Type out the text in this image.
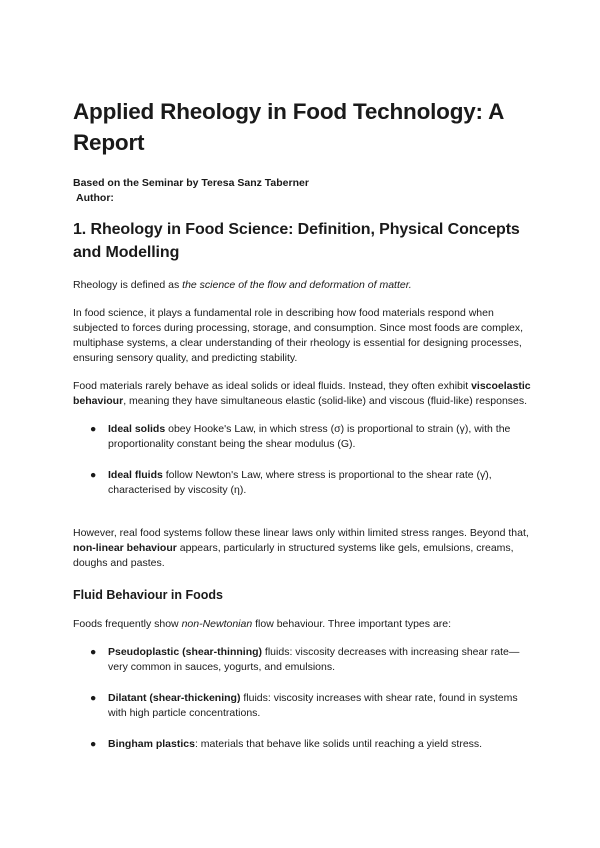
Applied Rheology in Food Technology: A Report
Based on the Seminar by Teresa Sanz Taberner
Author:
1. Rheology in Food Science: Definition, Physical Concepts and Modelling

Rheology is defined as the science of the flow and deformation of matter.

In food science, it plays a fundamental role in describing how food materials respond when subjected to forces during processing, storage, and consumption. Since most foods are complex, multiphase systems, a clear understanding of their rheology is essential for designing processes, ensuring sensory quality, and predicting stability.

Food materials rarely behave as ideal solids or ideal fluids. Instead, they often exhibit viscoelastic behaviour, meaning they have simultaneous elastic (solid-like) and viscous (fluid-like) responses.

● Ideal solids obey Hooke's Law, in which stress (σ) is proportional to strain (γ), with the proportionality constant being the shear modulus (G).
● Ideal fluids follow Newton's Law, where stress is proportional to the shear rate (γ̇), characterised by viscosity (η).

However, real food systems follow these linear laws only within limited stress ranges. Beyond that, non-linear behaviour appears, particularly in structured systems like gels, emulsions, creams, doughs and pastes.

Fluid Behaviour in Foods

Foods frequently show non-Newtonian flow behaviour. Three important types are:

● Pseudoplastic (shear-thinning) fluids: viscosity decreases with increasing shear rate—very common in sauces, yogurts, and emulsions.
● Dilatant (shear-thickening) fluids: viscosity increases with shear rate, found in systems with high particle concentrations.
● Bingham plastics: materials that behave like solids until reaching a yield stress.
